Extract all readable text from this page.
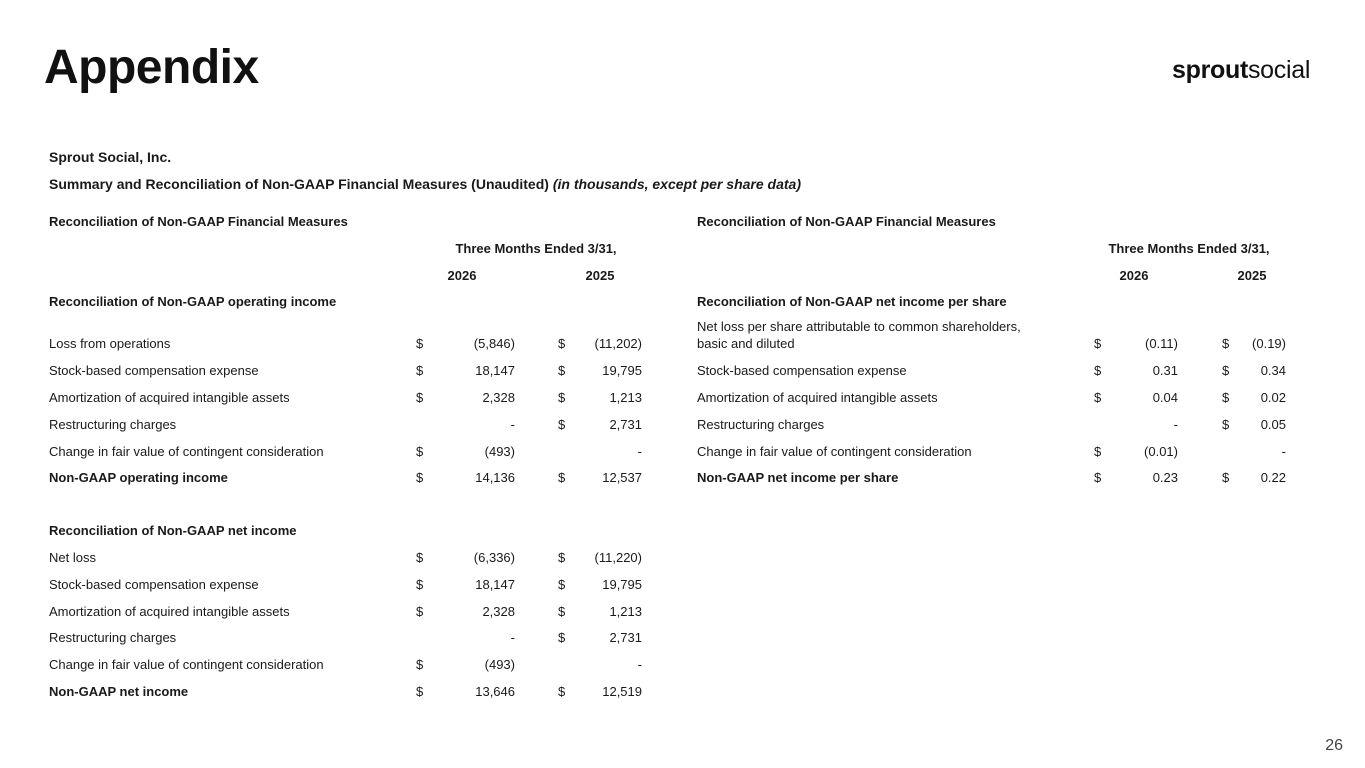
Appendix	sproutsocial
Sprout Social, Inc.
Summary and Reconciliation of Non-GAAP Financial Measures (Unaudited) (in thousands, except per share data)
Reconciliation of Non-GAAP Financial Measures
Three Months Ended 3/31,
2026	2025
Reconciliation of Non-GAAP operating income
Loss from operations	$	(5,846)	$	(11,202)
Stock-based compensation expense	$	18,147	$	19,795
Amortization of acquired intangible assets	$	2,328	$	1,213
Restructuring charges	-	$	2,731
Change in fair value of contingent consideration	$	(493)	-
Non-GAAP operating income	$	14,136	$	12,537
Reconciliation of Non-GAAP net income
Net loss	$	(6,336)	$	(11,220)
Stock-based compensation expense	$	18,147	$	19,795
Amortization of acquired intangible assets	$	2,328	$	1,213
Restructuring charges	-	$	2,731
Change in fair value of contingent consideration	$	(493)	-
Non-GAAP net income	$	13,646	$	12,519
Reconciliation of Non-GAAP Financial Measures
Three Months Ended 3/31,
2026	2025
Reconciliation of Non-GAAP net income per share
Net loss per share attributable to common shareholders,
basic and diluted	$	(0.11)	$	(0.19)
Stock-based compensation expense	$	0.31	$	0.34
Amortization of acquired intangible assets	$	0.04	$	0.02
Restructuring charges	-	$	0.05
Change in fair value of contingent consideration	$	(0.01)	-
Non-GAAP net income per share	$	0.23	$	0.22
26
